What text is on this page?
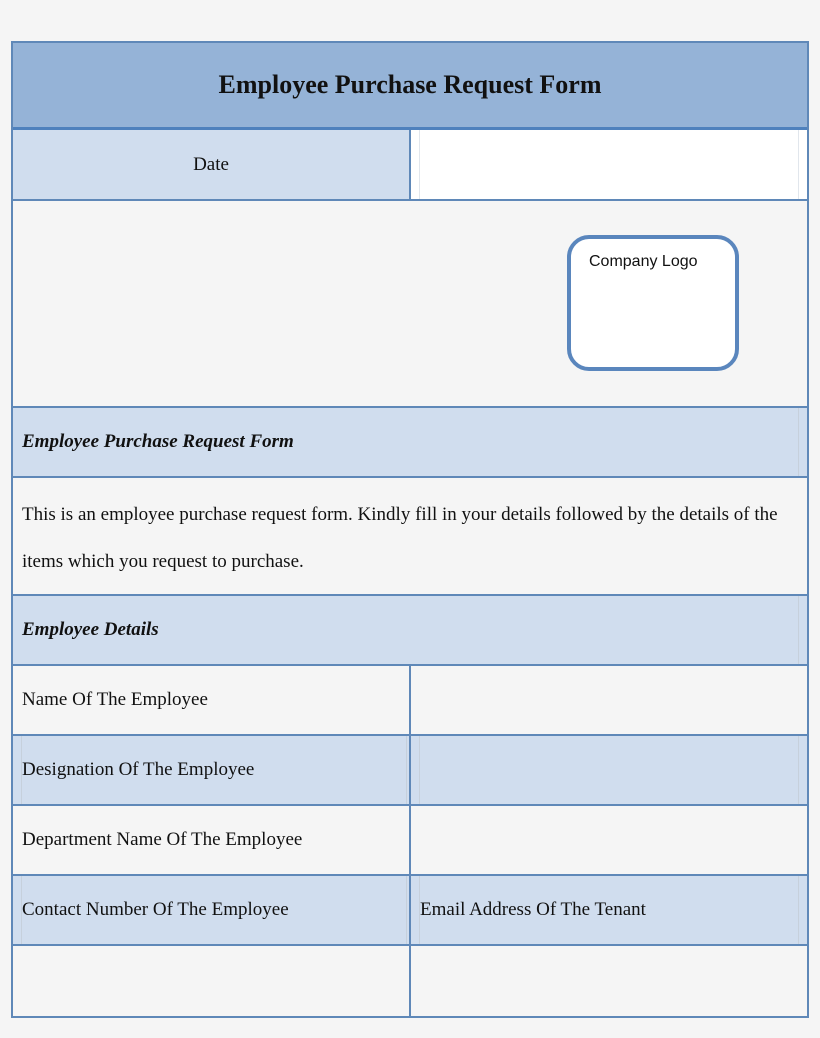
Employee Purchase Request Form
Date
Company Logo
Employee Purchase Request Form
This is an employee purchase request form. Kindly fill in your details followed by the details of the items which you request to purchase.
Employee Details
Name Of The Employee
Designation Of The Employee
Department Name Of The Employee
Contact Number Of The Employee	Email Address Of The Tenant
